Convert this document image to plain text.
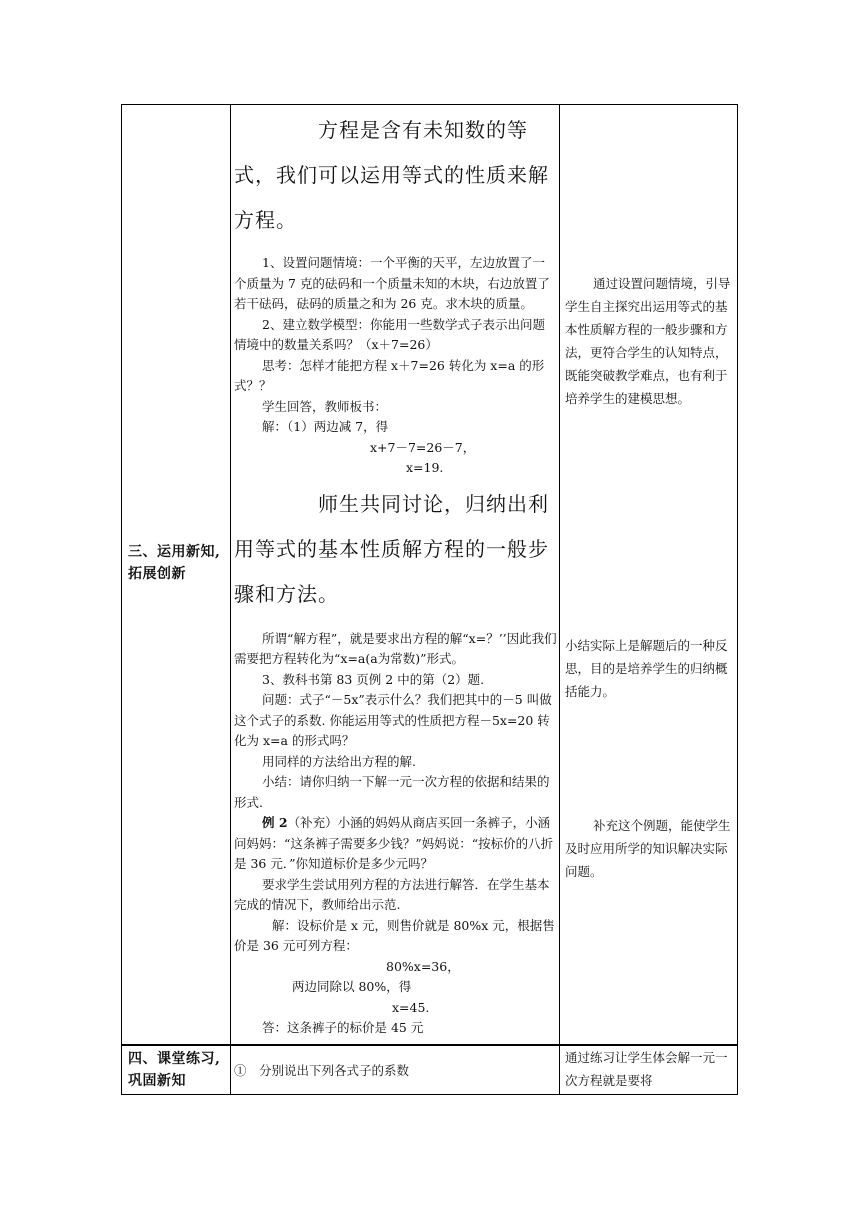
三、运用新知,拓展创新
四、课堂练习,巩固新知

方程是含有未知数的等式，我们可以运用等式的性质来解方程。

1、设置问题情境：一个平衡的天平，左边放置了一个质量为 7 克的砝码和一个质量未知的木块，右边放置了若干砝码，砝码的质量之和为 26 克。求木块的质量。

2、建立数学模型：你能用一些数学式子表示出问题情境中的数量关系吗？（x＋7=26）

思考：怎样才能把方程 x＋7=26 转化为 x=a 的形式？？

学生回答，教师板书：

解：（1）两边减 7，得

x+7－7=26－7，

x=19.

师生共同讨论，归纳出利用等式的基本性质解方程的一般步骤和方法。

所谓“解方程”，就是要求出方程的解“x=？’’因此我们需要把方程转化为“x=a(a为常数)”形式。

3、教科书第 83 页例 2 中的第（2）题.

问题：式子“－5x”表示什么？我们把其中的－5 叫做这个式子的系数. 你能运用等式的性质把方程－5x=20 转化为 x=a 的形式吗？

用同样的方法给出方程的解.

小结：请你归纳一下解一元一次方程的依据和结果的形式.

例 2（补充）小涵的妈妈从商店买回一条裤子，小涵问妈妈：“这条裤子需要多少钱？”妈妈说：“按标价的八折是 36 元．”你知道标价是多少元吗？

要求学生尝试用列方程的方法进行解答．在学生基本完成的情况下，教师给出示范.

解：设标价是 x 元，则售价就是 80%x 元，根据售价是 36 元可列方程：

80%x=36，

两边同除以 80%，得

x=45.

答：这条裤子的标价是 45 元

①　分别说出下列各式子的系数

通过设置问题情境，引导学生自主探究出运用等式的基本性质解方程的一般步骤和方法，更符合学生的认知特点，既能突破教学难点，也有利于培养学生的建模思想。

小结实际上是解题后的一种反思，目的是培养学生的归纳概括能力。

补充这个例题，能使学生及时应用所学的知识解决实际问题。

通过练习让学生体会解一元一次方程就是要将
